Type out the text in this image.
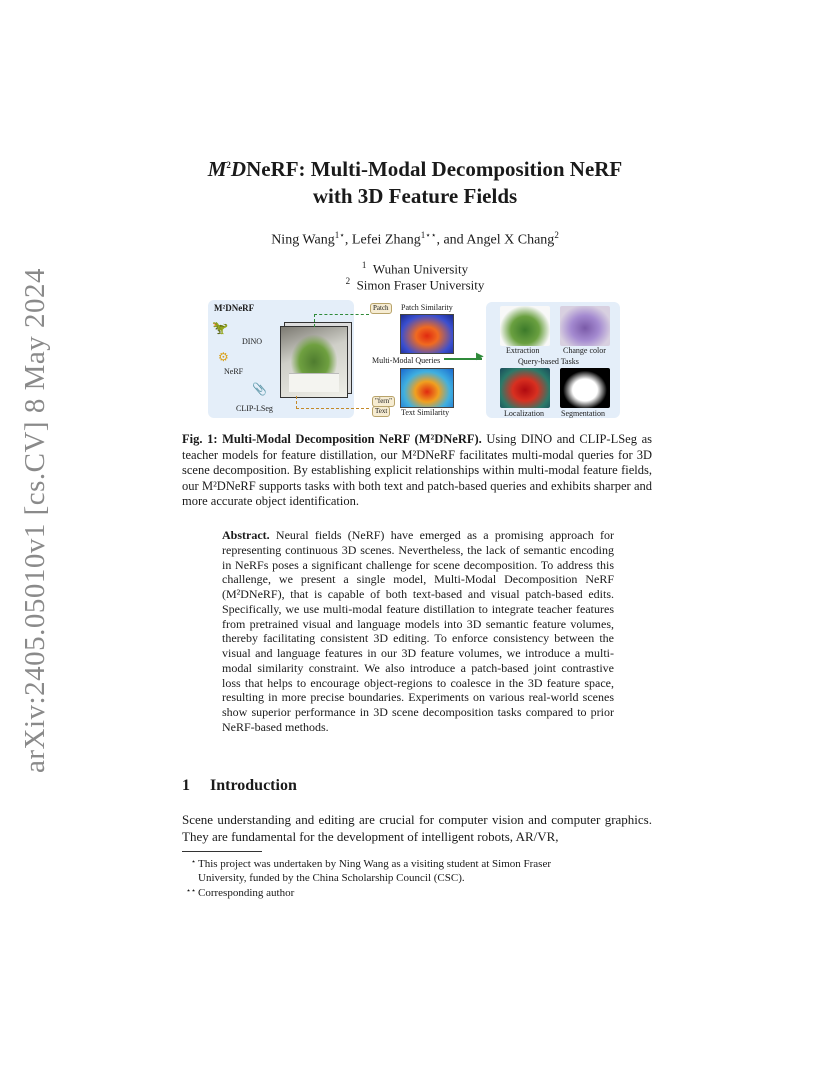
arXiv:2405.05010v1 [cs.CV] 8 May 2024
$M^2DNeRF$: Multi-Modal Decomposition NeRF
with 3D Feature Fields
Ning Wang$^{1⋆}$, Lefei Zhang$^{1⋆⋆}$, and Angel X Chang$^2$
$^1$ Wuhan University
$^2$ Simon Fraser University
M²DNeRF
🦖
DINO
⚙
NeRF
📎
CLIP-LSeg
Patch	Patch Similarity
Multi-Modal Queries
"fern"
Text	Text Similarity
▶
Extraction	Change color
Query-based Tasks
Localization Segmentation
Fig. 1: Multi-Modal Decomposition NeRF (M²DNeRF). Using DINO and CLIP-LSeg as teacher models for feature distillation, our M²DNeRF facilitates multi-modal queries for 3D scene decomposition. By establishing explicit relationships within multi-modal feature fields, our M²DNeRF supports tasks with both text and patch-based queries and exhibits sharper and more accurate object identification.
Abstract. Neural fields (NeRF) have emerged as a promising approach for representing continuous 3D scenes. Nevertheless, the lack of semantic encoding in NeRFs poses a significant challenge for scene decomposition. To address this challenge, we present a single model, Multi-Modal Decomposition NeRF (M²DNeRF), that is capable of both text-based and visual patch-based edits. Specifically, we use multi-modal feature distillation to integrate teacher features from pretrained visual and language models into 3D semantic feature volumes, thereby facilitating consistent 3D editing. To enforce consistency between the visual and language features in our 3D feature volumes, we introduce a multi-modal similarity constraint. We also introduce a patch-based joint contrastive loss that helps to encourage object-regions to coalesce in the 3D feature space, resulting in more precise boundaries. Experiments on various real-world scenes show superior performance in 3D scene decomposition tasks compared to prior NeRF-based methods.
1 Introduction
Scene understanding and editing are crucial for computer vision and computer graphics. They are fundamental for the development of intelligent robots, AR/VR,
⋆ This project was undertaken by Ning Wang as a visiting student at Simon Fraser
University, funded by the China Scholarship Council (CSC).
⋆⋆ Corresponding author
